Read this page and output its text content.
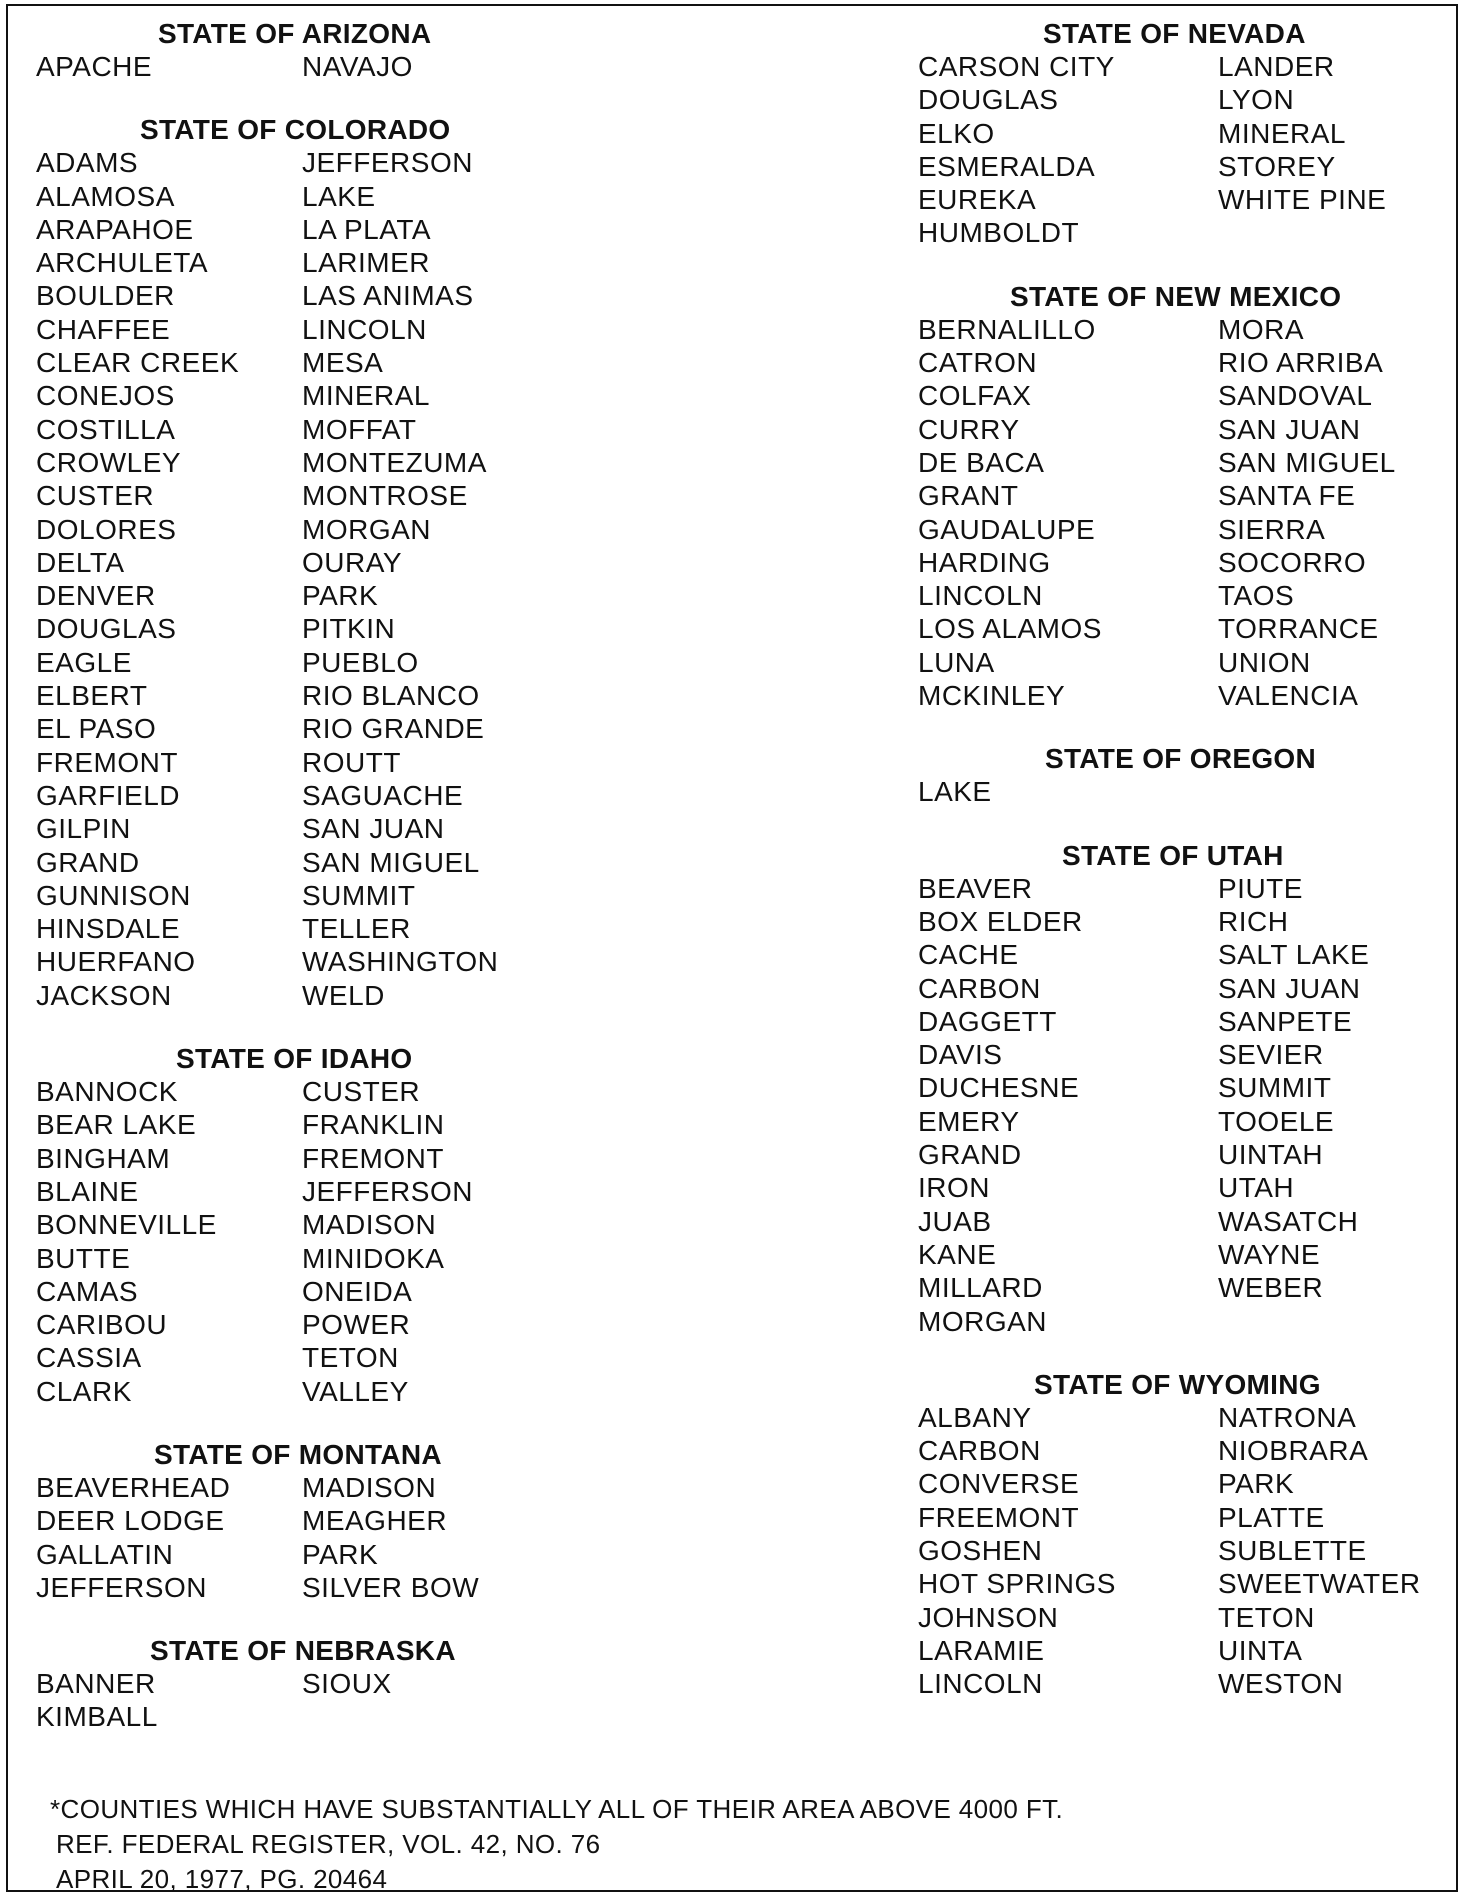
STATE OF ARIZONA
APACHE	NAVAJO
STATE OF COLORADO
ADAMS	JEFFERSON
ALAMOSA	LAKE
ARAPAHOE	LA PLATA
ARCHULETA	LARIMER
BOULDER	LAS ANIMAS
CHAFFEE	LINCOLN
CLEAR CREEK	MESA
CONEJOS	MINERAL
COSTILLA	MOFFAT
CROWLEY	MONTEZUMA
CUSTER	MONTROSE
DOLORES	MORGAN
DELTA	OURAY
DENVER	PARK
DOUGLAS	PITKIN
EAGLE	PUEBLO
ELBERT	RIO BLANCO
EL PASO	RIO GRANDE
FREMONT	ROUTT
GARFIELD	SAGUACHE
GILPIN	SAN JUAN
GRAND	SAN MIGUEL
GUNNISON	SUMMIT
HINSDALE	TELLER
HUERFANO	WASHINGTON
JACKSON	WELD
STATE OF IDAHO
BANNOCK	CUSTER
BEAR LAKE	FRANKLIN
BINGHAM	FREMONT
BLAINE	JEFFERSON
BONNEVILLE	MADISON
BUTTE	MINIDOKA
CAMAS	ONEIDA
CARIBOU	POWER
CASSIA	TETON
CLARK	VALLEY
STATE OF MONTANA
BEAVERHEAD	MADISON
DEER LODGE	MEAGHER
GALLATIN	PARK
JEFFERSON	SILVER BOW
STATE OF NEBRASKA
BANNER	SIOUX
KIMBALL
STATE OF NEVADA
CARSON CITY	LANDER
DOUGLAS	LYON
ELKO	MINERAL
ESMERALDA	STOREY
EUREKA	WHITE PINE
HUMBOLDT
STATE OF NEW MEXICO
BERNALILLO	MORA
CATRON	RIO ARRIBA
COLFAX	SANDOVAL
CURRY	SAN JUAN
DE BACA	SAN MIGUEL
GRANT	SANTA FE
GAUDALUPE	SIERRA
HARDING	SOCORRO
LINCOLN	TAOS
LOS ALAMOS	TORRANCE
LUNA	UNION
MCKINLEY	VALENCIA
STATE OF OREGON
LAKE
STATE OF UTAH
BEAVER	PIUTE
BOX ELDER	RICH
CACHE	SALT LAKE
CARBON	SAN JUAN
DAGGETT	SANPETE
DAVIS	SEVIER
DUCHESNE	SUMMIT
EMERY	TOOELE
GRAND	UINTAH
IRON	UTAH
JUAB	WASATCH
KANE	WAYNE
MILLARD	WEBER
MORGAN
STATE OF WYOMING
ALBANY	NATRONA
CARBON	NIOBRARA
CONVERSE	PARK
FREEMONT	PLATTE
GOSHEN	SUBLETTE
HOT SPRINGS	SWEETWATER
JOHNSON	TETON
LARAMIE	UINTA
LINCOLN	WESTON
*COUNTIES WHICH HAVE SUBSTANTIALLY ALL OF THEIR AREA ABOVE 4000 FT.
REF. FEDERAL REGISTER, VOL. 42, NO. 76
APRIL 20, 1977, PG. 20464
